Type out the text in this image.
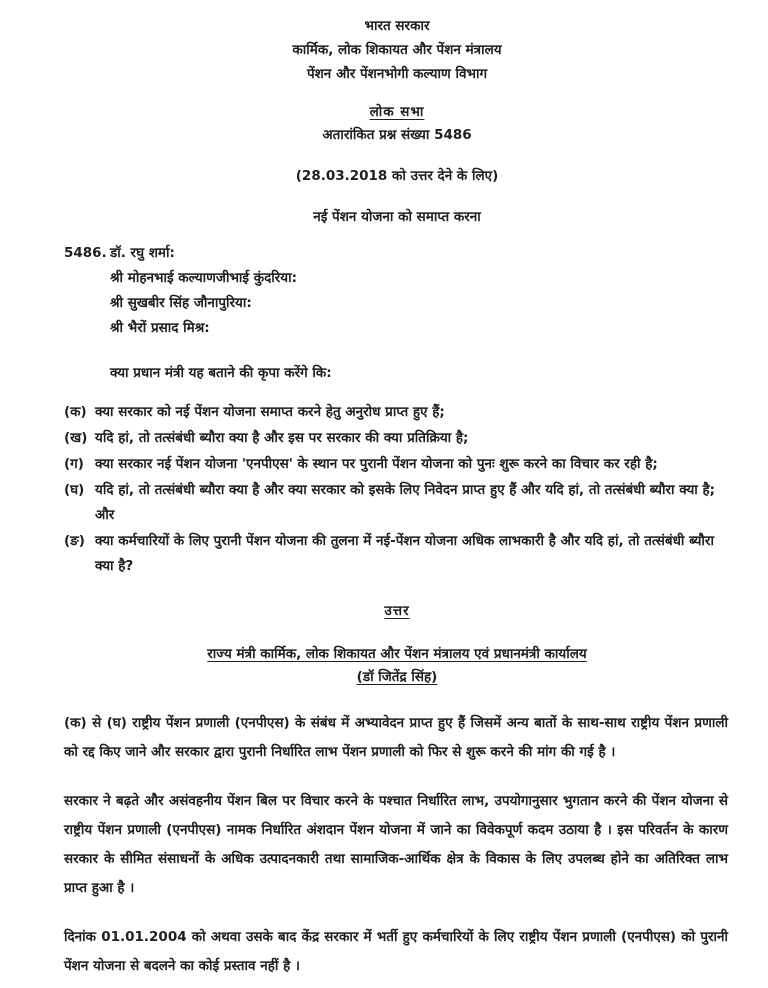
भारत सरकार
कार्मिक, लोक शिकायत और पेंशन मंत्रालय
पेंशन और पेंशनभोगी कल्याण विभाग
लोक सभा
अतारांकित प्रश्न संख्या 5486
(28.03.2018 को उत्तर देने के लिए)
नई पेंशन योजना को समाप्त करना
5486. डॉ. रघु शर्मा:
श्री मोहनभाई कल्याणजीभाई कुंदरिया:
श्री सुखबीर सिंह जौनापुरिया:
श्री भैरों प्रसाद मिश्र:
क्या प्रधान मंत्री यह बताने की कृपा करेंगे कि:
(क) क्या सरकार को नई पेंशन योजना समाप्त करने हेतु अनुरोध प्राप्त हुए हैं;
(ख) यदि हां, तो तत्संबंधी ब्यौरा क्या है और इस पर सरकार की क्या प्रतिक्रिया है;
(ग) क्या सरकार नई पेंशन योजना 'एनपीएस' के स्थान पर पुरानी पेंशन योजना को पुनः शुरू करने का विचार कर रही है;
(घ) यदि हां, तो तत्संबंधी ब्यौरा क्या है और क्या सरकार को इसके लिए निवेदन प्राप्त हुए हैं और यदि हां, तो तत्संबंधी ब्यौरा क्या है; और
(ङ) क्या कर्मचारियों के लिए पुरानी पेंशन योजना की तुलना में नई-पेंशन योजना अधिक लाभकारी है और यदि हां, तो तत्संबंधी ब्यौरा क्या है?
उत्तर
राज्य मंत्री कार्मिक, लोक शिकायत और पेंशन मंत्रालय एवं प्रधानमंत्री कार्यालय
(डॉ जितेंद्र सिंह)

(क) से (घ) राष्ट्रीय पेंशन प्रणाली (एनपीएस) के संबंध में अभ्यावेदन प्राप्त हुए हैं जिसमें अन्य बातों के साथ-साथ राष्ट्रीय पेंशन प्रणाली को रद्द किए जाने और सरकार द्वारा पुरानी निर्धारित लाभ पेंशन प्रणाली को फिर से शुरू करने की मांग की गई है ।

सरकार ने बढ़ते और असंवहनीय पेंशन बिल पर विचार करने के पश्चात निर्धारित लाभ, उपयोगानुसार भुगतान करने की पेंशन योजना से राष्ट्रीय पेंशन प्रणाली (एनपीएस) नामक निर्धारित अंशदान पेंशन योजना में जाने का विवेकपूर्ण कदम उठाया है । इस परिवर्तन के कारण सरकार के सीमित संसाधनों के अधिक उत्पादनकारी तथा सामाजिक-आर्थिक क्षेत्र के विकास के लिए उपलब्ध होने का अतिरिक्त लाभ प्राप्त हुआ है ।

दिनांक 01.01.2004 को अथवा उसके बाद केंद्र सरकार में भर्ती हुए कर्मचारियों के लिए राष्ट्रीय पेंशन प्रणाली (एनपीएस) को पुरानी पेंशन योजना से बदलने का कोई प्रस्ताव नहीं है ।
